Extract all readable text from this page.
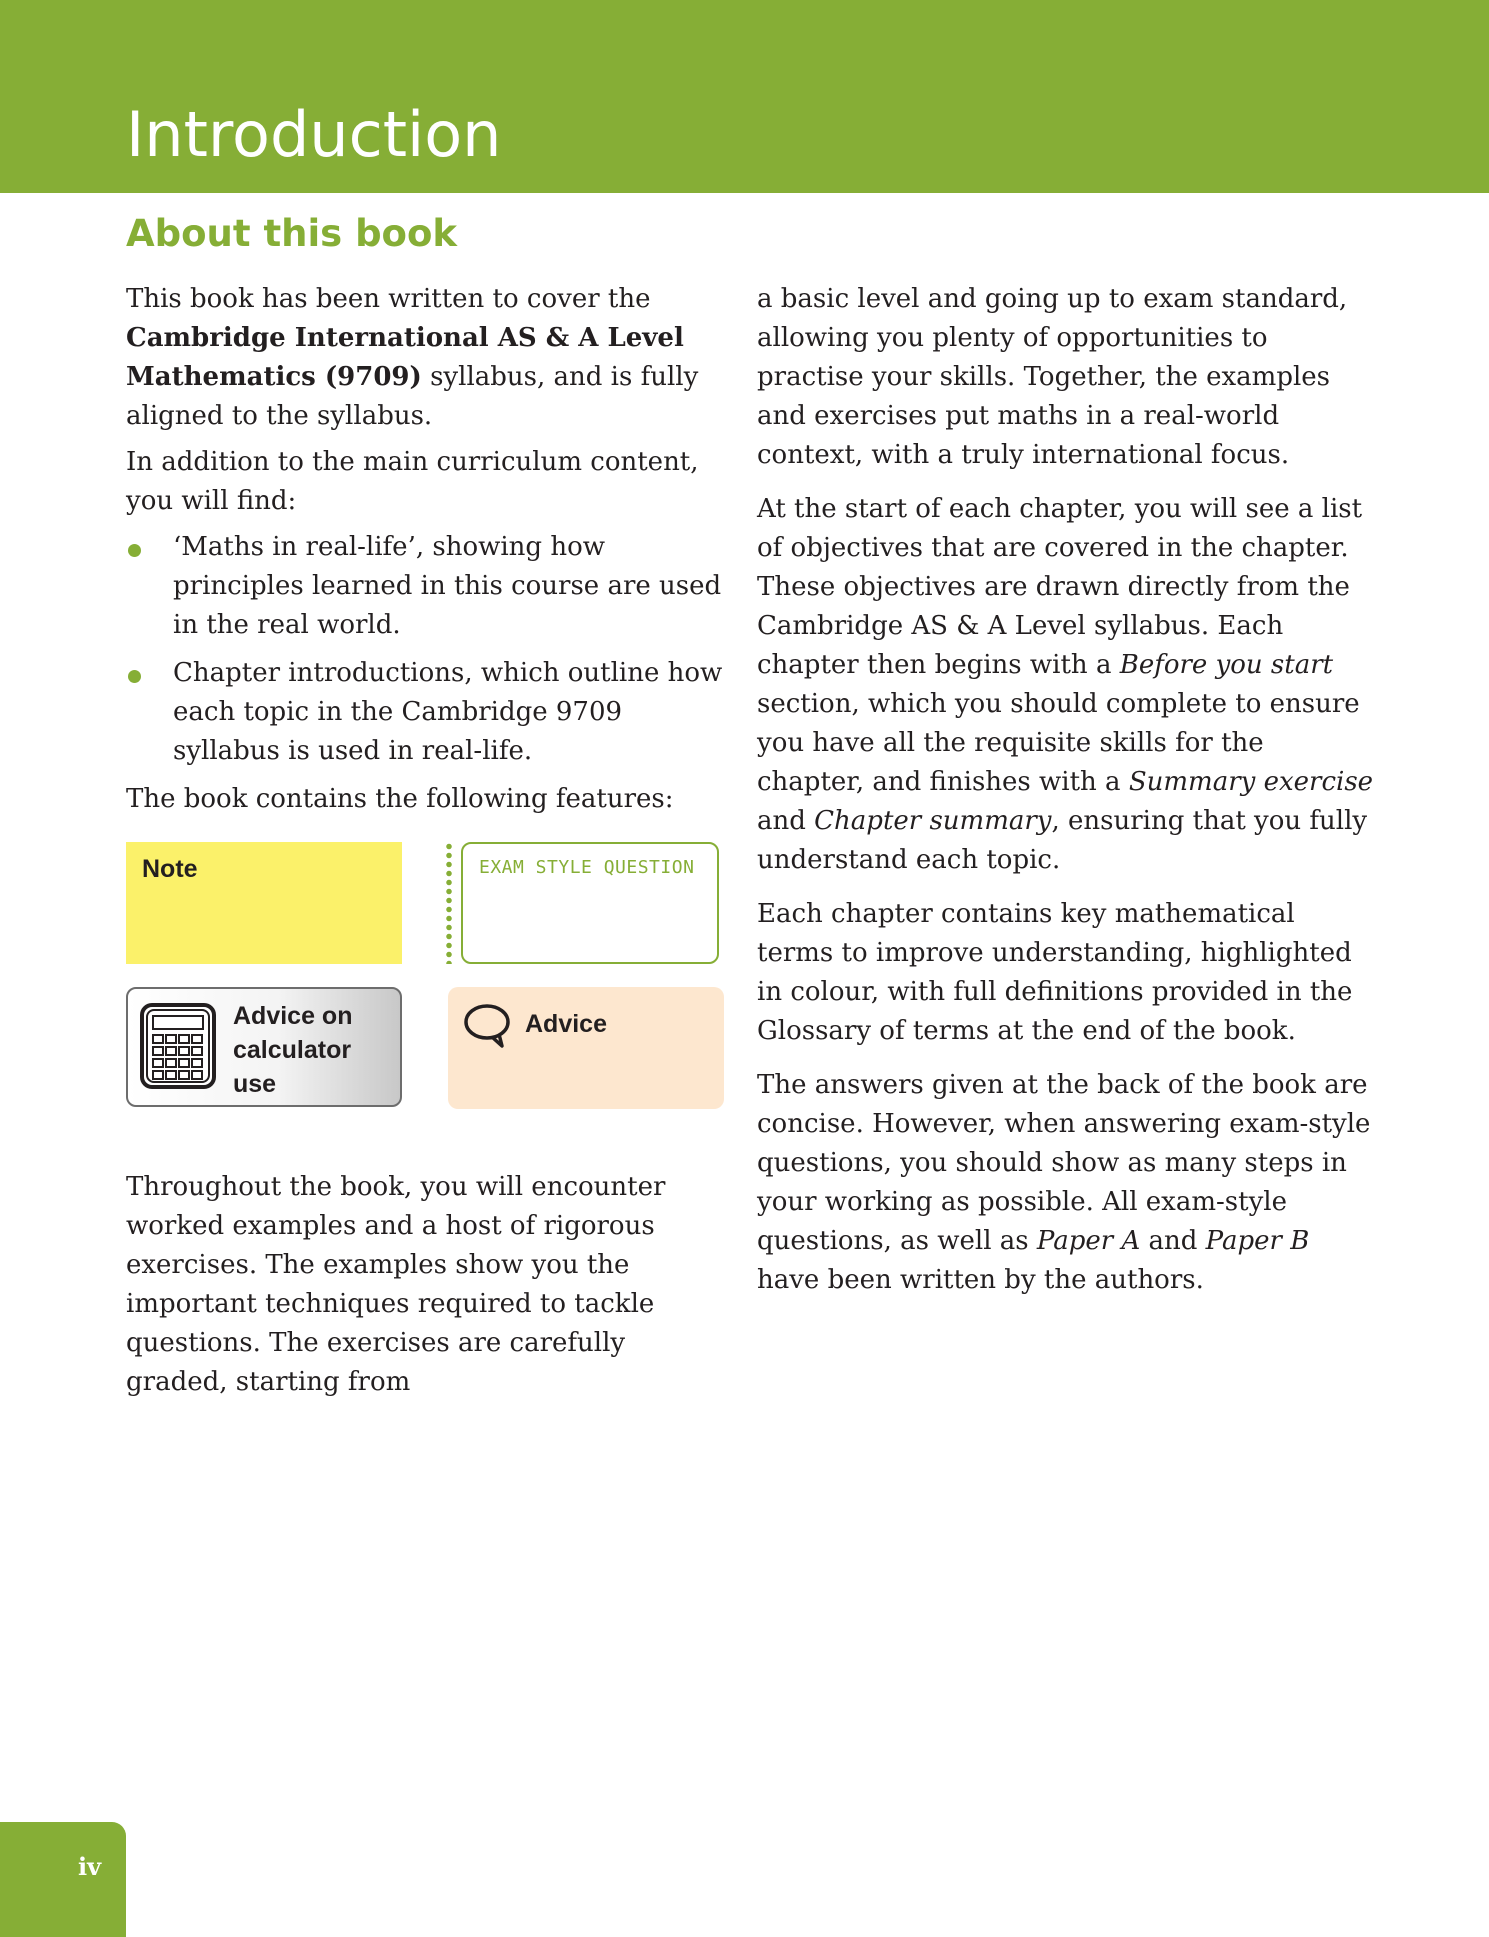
Introduction
About this book

This book has been written to cover the Cambridge International AS & A Level Mathematics (9709) syllabus, and is fully aligned to the syllabus.

In addition to the main curriculum content, you will find:

‘Maths in real-life’, showing how principles learned in this course are used in the real world.
Chapter introductions, which outline how each topic in the Cambridge 9709 syllabus is used in real-life.

The book contains the following features:

Note	EXAM STYLE QUESTION
Advice on calculator use
Advice

Throughout the book, you will encounter worked examples and a host of rigorous exercises. The examples show you the important techniques required to tackle questions. The exercises are carefully graded, starting from

a basic level and going up to exam standard, allowing you plenty of opportunities to practise your skills. Together, the examples and exercises put maths in a real-world context, with a truly international focus.

At the start of each chapter, you will see a list of objectives that are covered in the chapter. These objectives are drawn directly from the Cambridge AS & A Level syllabus. Each chapter then begins with a Before you start section, which you should complete to ensure you have all the requisite skills for the chapter, and finishes with a Summary exercise and Chapter summary, ensuring that you fully understand each topic.

Each chapter contains key mathematical terms to improve understanding, highlighted in colour, with full definitions provided in the Glossary of terms at the end of the book.

The answers given at the back of the book are concise. However, when answering exam-style questions, you should show as many steps in your working as possible. All exam-style questions, as well as Paper A and Paper B have been written by the authors.

iv
